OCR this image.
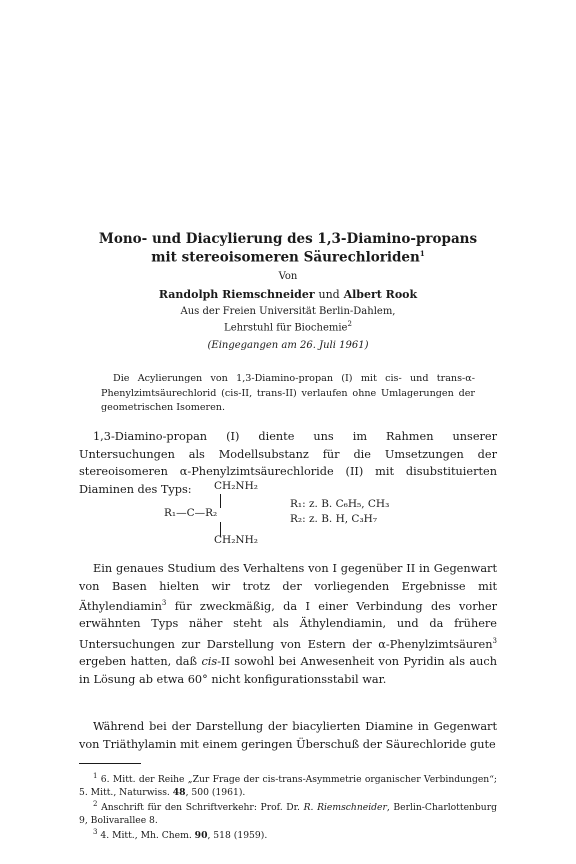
Mono- und Diacylierung des 1,3-Diamino-propans
mit stereoisomeren Säurechloriden$^1$
Von
Randolph Riemschneider und Albert Rook
Aus der Freien Universität Berlin-Dahlem,
Lehrstuhl für Biochemie$^2$
(Eingegangen am 26. Juli 1961)
Die Acylierungen von 1,3-Diamino-propan (I) mit cis- und trans-α-Phenylzimtsäurechlorid (cis-II, trans-II) verlaufen ohne Umlagerungen der geometrischen Isomeren.
1,3-Diamino-propan (I) diente uns im Rahmen unserer Untersuchungen als Modellsubstanz für die Umsetzungen der stereoisomeren α-Phenylzimtsäurechloride (II) mit disubstituierten Diaminen des Typs:	CH₂NH₂
R₁—C—R₂
CH₂NH₂
R₁: z. B. C₆H₅, CH₃
R₂: z. B. H, C₃H₇
Ein genaues Studium des Verhaltens von I gegenüber II in Gegenwart von Basen hielten wir trotz der vorliegenden Ergebnisse mit Äthylendiamin$^3$ für zweckmäßig, da I einer Verbindung des vorher erwähnten Typs näher steht als Äthylendiamin, und da frühere Untersuchungen zur Darstellung von Estern der α-Phenylzimtsäuren$^3$ ergeben hatten, daß cis-II sowohl bei Anwesenheit von Pyridin als auch in Lösung ab etwa 60° nicht konfigurationsstabil war.
Während bei der Darstellung der biacylierten Diamine in Gegenwart von Triäthylamin mit einem geringen Überschuß der Säurechloride gute
$^1$ 6. Mitt. der Reihe „Zur Frage der cis-trans-Asymmetrie organischer Verbindungen“; 5. Mitt., Naturwiss. 48, 500 (1961).
$^2$ Anschrift für den Schriftverkehr: Prof. Dr. R. Riemschneider, Berlin-Charlottenburg 9, Bolivarallee 8.
$^3$ 4. Mitt., Mh. Chem. 90, 518 (1959).
